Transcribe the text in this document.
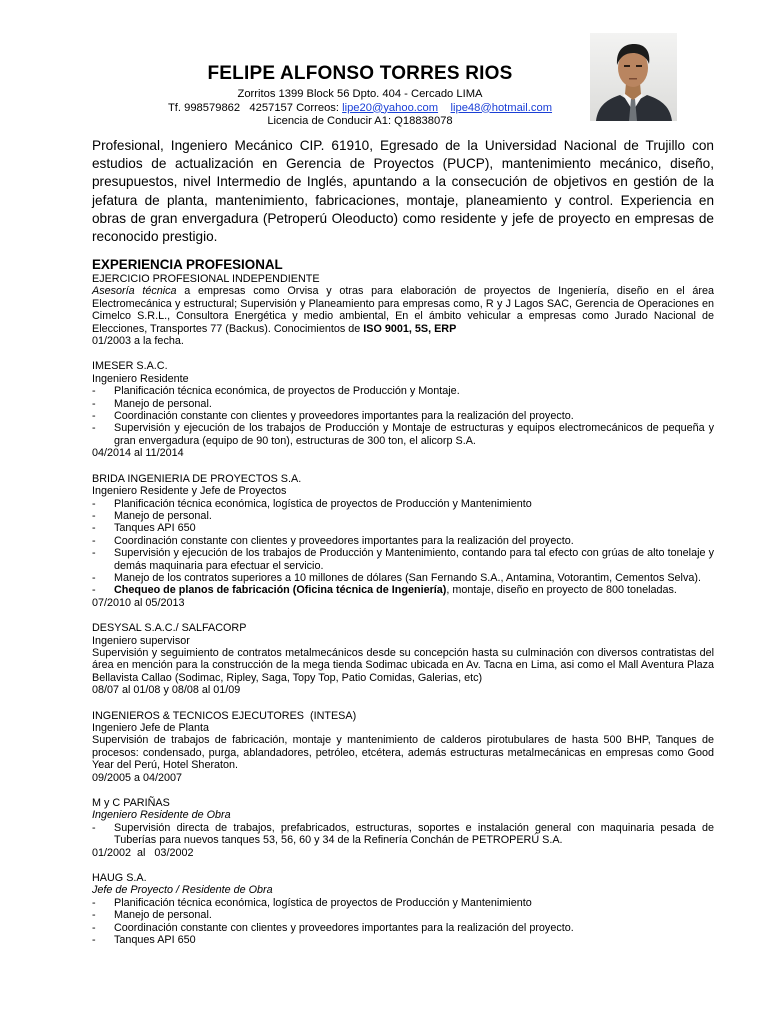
FELIPE ALFONSO TORRES RIOS
Zorritos 1399 Block 56 Dpto. 404 - Cercado LIMA
Tf. 998579862   4257157 Correos: lipe20@yahoo.com lipe48@hotmail.com
Licencia de Conducir A1: Q18838078
Profesional, Ingeniero Mecánico CIP. 61910, Egresado de la Universidad Nacional de Trujillo con estudios de actualización en Gerencia de Proyectos (PUCP), mantenimiento mecánico, diseño, presupuestos, nivel Intermedio de Inglés, apuntando a la consecución de objetivos en gestión de la jefatura de planta, mantenimiento, fabricaciones, montaje, planeamiento y control. Experiencia en obras de gran envergadura (Petroperú Oleoducto) como residente y jefe de proyecto en empresas de reconocido prestigio.
EXPERIENCIA PROFESIONAL
EJERCICIO PROFESIONAL INDEPENDIENTE
Asesoría técnica a empresas como Orvisa y otras para elaboración de proyectos de Ingeniería, diseño en el área Electromecánica y estructural; Supervisión y Planeamiento para empresas como, R y J Lagos SAC, Gerencia de Operaciones en Cimelco S.R.L., Consultora Energética y medio ambiental, En el ámbito vehicular a empresas como Jurado Nacional de Elecciones, Transportes 77 (Backus). Conocimientos de ISO 9001, 5S, ERP
01/2003 a la fecha.
IMESER S.A.C.
Ingeniero Residente
- Planificación técnica económica, de proyectos de Producción y Montaje.
- Manejo de personal.
- Coordinación constante con clientes y proveedores importantes para la realización del proyecto.
- Supervisión y ejecución de los trabajos de Producción y Montaje de estructuras y equipos electromecánicos de pequeña y gran envergadura (equipo de 90 ton), estructuras de 300 ton, el alicorp S.A.
04/2014 al 11/2014
BRIDA INGENIERIA DE PROYECTOS S.A.
Ingeniero Residente y Jefe de Proyectos
- Planificación técnica económica, logística de proyectos de Producción y Mantenimiento
- Manejo de personal.
- Tanques API 650
- Coordinación constante con clientes y proveedores importantes para la realización del proyecto.
- Supervisión y ejecución de los trabajos de Producción y Mantenimiento, contando para tal efecto con grúas de alto tonelaje y demás maquinaria para efectuar el servicio.
- Manejo de los contratos superiores a 10 millones de dólares (San Fernando S.A., Antamina, Votorantim, Cementos Selva).
- Chequeo de planos de fabricación (Oficina técnica de Ingeniería), montaje, diseño en proyecto de 800 toneladas.
07/2010 al 05/2013
DESYSAL S.A.C./ SALFACORP
Ingeniero supervisor
Supervisión y seguimiento de contratos metalmecánicos desde su concepción hasta su culminación con diversos contratistas del área en mención para la construcción de la mega tienda Sodimac ubicada en Av. Tacna en Lima, asi como el Mall Aventura Plaza Bellavista Callao (Sodimac, Ripley, Saga, Topy Top, Patio Comidas, Galerias, etc)
08/07 al 01/08 y 08/08 al 01/09
INGENIEROS & TECNICOS EJECUTORES  (INTESA)
Ingeniero Jefe de Planta
Supervisión de trabajos de fabricación, montaje y mantenimiento de calderos pirotubulares de hasta 500 BHP, Tanques de procesos: condensado, purga, ablandadores, petróleo, etcétera, además estructuras metalmecánicas en empresas como Good Year del Perú, Hotel Sheraton.
09/2005 a 04/2007
M y C PARIÑAS
Ingeniero Residente de Obra
- Supervisión directa de trabajos, prefabricados, estructuras, soportes e instalación general con maquinaria pesada de Tuberías para nuevos tanques 53, 56, 60 y 34 de la Refinería Conchán de PETROPERÚ S.A.
01/2002  al   03/2002
HAUG S.A.
Jefe de Proyecto / Residente de Obra
- Planificación técnica económica, logística de proyectos de Producción y Mantenimiento
- Manejo de personal.
- Coordinación constante con clientes y proveedores importantes para la realización del proyecto.
- Tanques API 650
